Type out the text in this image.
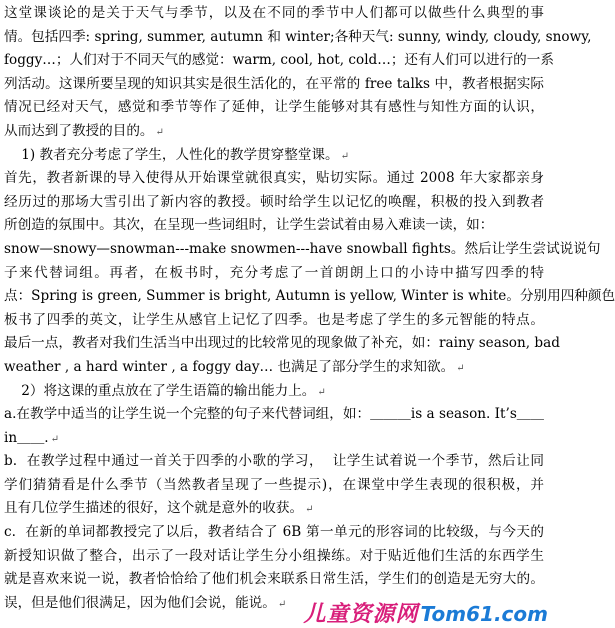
这堂课谈论的是关于天气与季节，以及在不同的季节中人们都可以做些什么典型的事
情。包括四季: spring, summer, autumn 和 winter;各种天气: sunny, windy, cloudy, snowy,
foggy…；人们对于不同天气的感觉：warm, cool, hot, cold…；还有人们可以进行的一系
列活动。这课所要呈现的知识其实是很生活化的，在平常的 free talks 中，教者根据实际
情况已经对天气，感觉和季节等作了延伸，让学生能够对其有感性与知性方面的认识，
从而达到了教授的目的。 ↵
1) 教者充分考虑了学生，人性化的教学贯穿整堂课。 ↵
首先，教者新课的导入使得从开始课堂就很真实，贴切实际。通过 2008 年大家都亲身
经历过的那场大雪引出了新内容的教授。顿时给学生以记忆的唤醒，积极的投入到教者
所创造的氛围中。其次，在呈现一些词组时，让学生尝试着由易入难读一读，如：
snow—snowy—snowman---make snowmen---have snowball fights。然后让学生尝试说说句
子来代替词组。再者，在板书时，充分考虑了一首朗朗上口的小诗中描写四季的特
点：Spring is green, Summer is bright, Autumn is yellow, Winter is white。分别用四种颜色
板书了四季的英文，让学生从感官上记忆了四季。也是考虑了学生的多元智能的特点。
最后一点，教者对我们生活当中出现过的比较常见的现象做了补充，如：rainy season, bad
weather , a hard winter , a foggy day… 也满足了部分学生的求知欲。 ↵
2）将这课的重点放在了学生语篇的输出能力上。 ↵
a.在教学中适当的让学生说一个完整的句子来代替词组，如：＿＿＿is a season. It’s＿＿
in＿＿. ↵
b.  在教学过程中通过一首关于四季的小歌的学习，  让学生试着说一个季节，然后让同
学们猜猜看是什么季节（当然教者呈现了一些提示)，在课堂中学生表现的很积极，并
且有几位学生描述的很好，这个就是意外的收获。 ↵
c.  在新的单词都教授完了以后，教者结合了 6B 第一单元的形容词的比较级，与今天的
新授知识做了整合，出示了一段对话让学生分小组操练。对于贴近他们生活的东西学生
就是喜欢来说一说，教者恰恰给了他们机会来联系日常生活，学生们的创造是无穷大的。
误，但是他们很满足，因为他们会说，能说。 ↵ 儿童资源网 Tom61.com
